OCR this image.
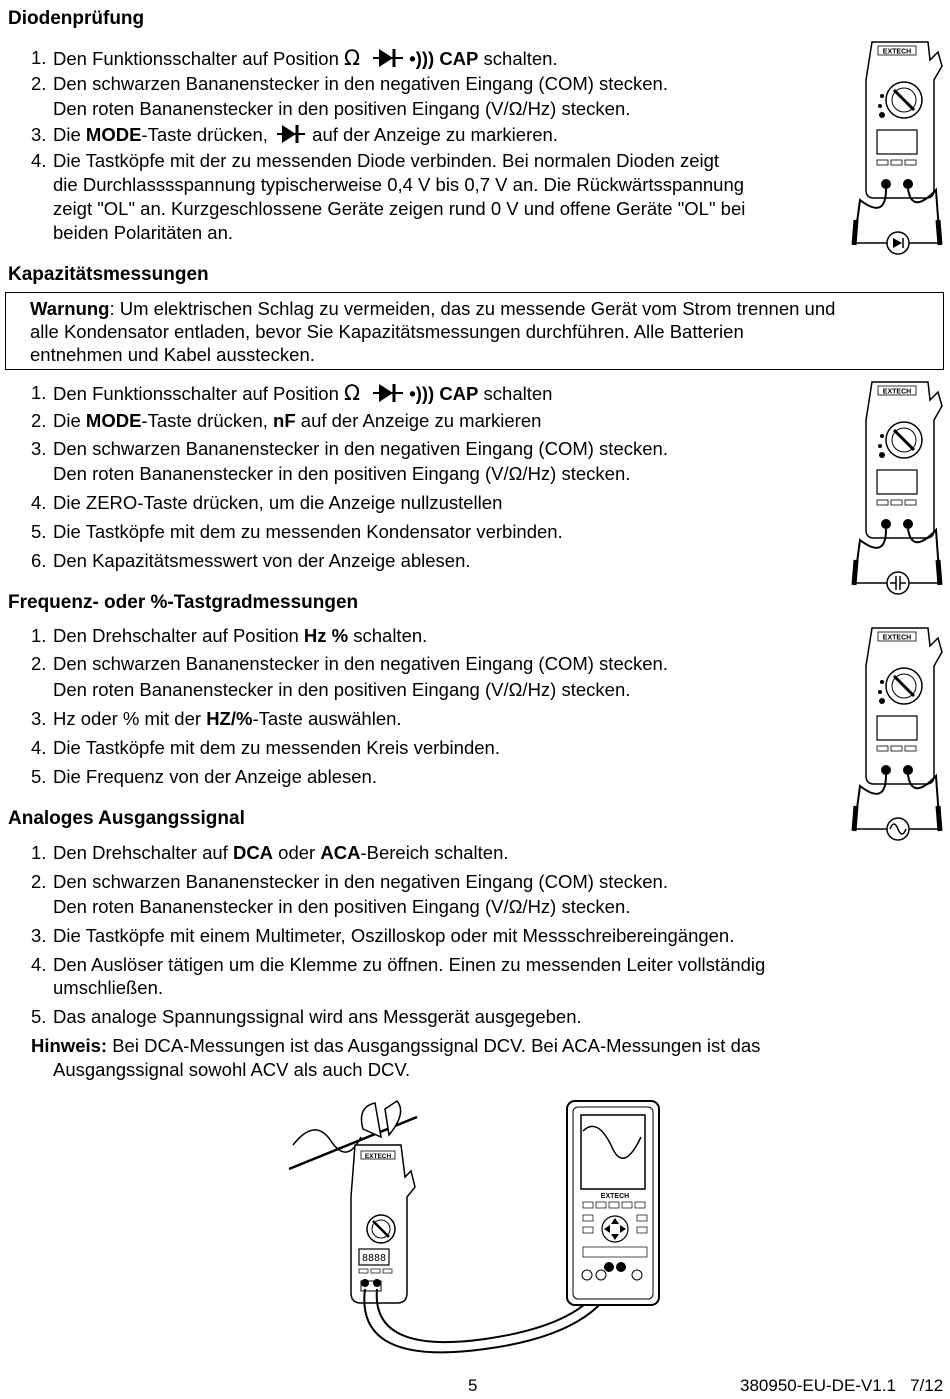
Diodenprüfung
1. Den Funktionsschalter auf Position Ω	•))) CAP schalten.
2. Den schwarzen Bananenstecker in den negativen Eingang (COM) stecken.
Den roten Bananenstecker in den positiven Eingang (V/Ω/Hz) stecken.
3. Die MODE-Taste drücken,  auf der Anzeige zu markieren.
4. Die Tastköpfe mit der zu messenden Diode verbinden. Bei normalen Dioden zeigt
die Durchlasssspannung typischerweise 0,4 V bis 0,7 V an. Die Rückwärtsspannung
zeigt "OL" an. Kurzgeschlossene Geräte zeigen rund 0 V und offene Geräte "OL" bei
beiden Polaritäten an.
Kapazitätsmessungen
Warnung: Um elektrischen Schlag zu vermeiden, das zu messende Gerät vom Strom trennen und
alle Kondensator entladen, bevor Sie Kapazitätsmessungen durchführen. Alle Batterien
entnehmen und Kabel ausstecken.
1. Den Funktionsschalter auf Position Ω	•))) CAP schalten
2. Die MODE-Taste drücken, nF auf der Anzeige zu markieren
3. Den schwarzen Bananenstecker in den negativen Eingang (COM) stecken.
Den roten Bananenstecker in den positiven Eingang (V/Ω/Hz) stecken.
4. Die ZERO-Taste drücken, um die Anzeige nullzustellen
5. Die Tastköpfe mit dem zu messenden Kondensator verbinden.
6. Den Kapazitätsmesswert von der Anzeige ablesen.
Frequenz- oder %-Tastgradmessungen
1. Den Drehschalter auf Position Hz % schalten.
2. Den schwarzen Bananenstecker in den negativen Eingang (COM) stecken.
Den roten Bananenstecker in den positiven Eingang (V/Ω/Hz) stecken.
3. Hz oder % mit der HZ/%-Taste auswählen.
4. Die Tastköpfe mit dem zu messenden Kreis verbinden.
5. Die Frequenz von der Anzeige ablesen.
Analoges Ausgangssignal
1. Den Drehschalter auf DCA oder ACA-Bereich schalten.
2. Den schwarzen Bananenstecker in den negativen Eingang (COM) stecken.
Den roten Bananenstecker in den positiven Eingang (V/Ω/Hz) stecken.
3. Die Tastköpfe mit einem Multimeter, Oszilloskop oder mit Messschreibereingängen.
4. Den Auslöser tätigen um die Klemme zu öffnen. Einen zu messenden Leiter vollständig
umschließen.
5. Das analoge Spannungssignal wird ans Messgerät ausgegeben.
Hinweis: Bei DCA-Messungen ist das Ausgangssignal DCV. Bei ACA-Messungen ist das
Ausgangssignal sowohl ACV als auch DCV.
EXTECH
EXTECH
EXTECH
EXTECH
8888
EXTECH
5	380950-EU-DE-V1.1   7/12
